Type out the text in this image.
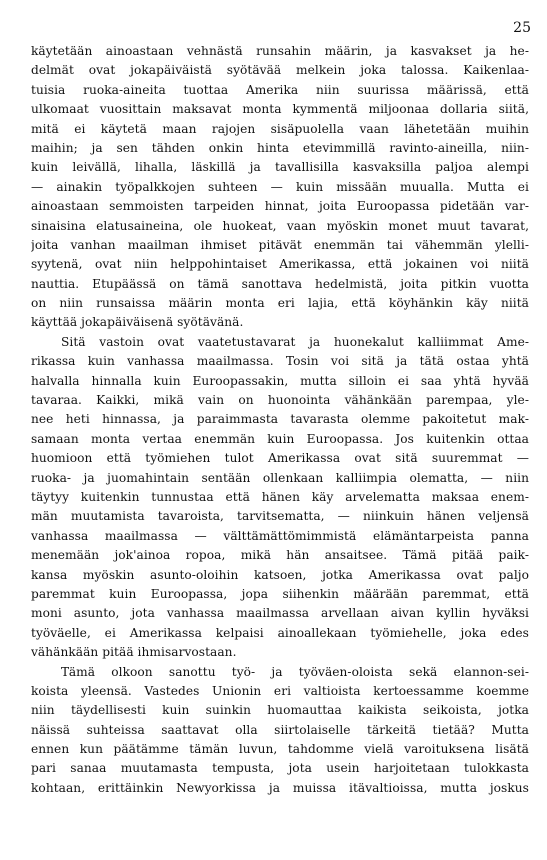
25

käytetään ainoastaan vehnästä runsahin määrin, ja kasvakset ja he-
delmät ovat jokapäiväistä syötävää melkein joka talossa. Kaikenlaa-
tuisia ruoka-aineita tuottaa Amerika niin suurissa määrissä, että
ulkomaat vuosittain maksavat monta kymmentä miljoonaa dollaria siitä,
mitä ei käytetä maan rajojen sisäpuolella vaan lähetetään muihin
maihin; ja sen tähden onkin hinta etevimmillä ravinto-aineilla, niin-
kuin leivällä, lihalla, läskillä ja tavallisilla kasvaksilla paljoa alempi
— ainakin työpalkkojen suhteen — kuin missään muualla. Mutta ei
ainoastaan semmoisten tarpeiden hinnat, joita Euroopassa pidetään var-
sinaisina elatusaineina, ole huokeat, vaan myöskin monet muut tavarat,
joita vanhan maailman ihmiset pitävät enemmän tai vähemmän ylelli-
syytenä, ovat niin helppohintaiset Amerikassa, että jokainen voi niitä
nauttia. Etupäässä on tämä sanottava hedelmistä, joita pitkin vuotta
on niin runsaissa määrin monta eri lajia, että köyhänkin käy niitä
käyttää jokapäiväisenä syötävänä.
Sitä vastoin ovat vaatetustavarat ja huonekalut kalliimmat Ame-
rikassa kuin vanhassa maailmassa. Tosin voi sitä ja tätä ostaa yhtä
halvalla hinnalla kuin Euroopassakin, mutta silloin ei saa yhtä hyvää
tavaraa. Kaikki, mikä vain on huonointa vähänkään parempaa, yle-
nee heti hinnassa, ja paraimmasta tavarasta olemme pakoitetut mak-
samaan monta vertaa enemmän kuin Euroopassa. Jos kuitenkin ottaa
huomioon että työmiehen tulot Amerikassa ovat sitä suuremmat —
ruoka- ja juomahintain sentään ollenkaan kalliimpia olematta, — niin
täytyy kuitenkin tunnustaa että hänen käy arvelematta maksaa enem-
män muutamista tavaroista, tarvitsematta, — niinkuin hänen veljensä
vanhassa maailmassa — välttämättömimmistä elämäntarpeista panna
menemään jok'ainoa ropoa, mikä hän ansaitsee. Tämä pitää paik-
kansa myöskin asunto-oloihin katsoen, jotka Amerikassa ovat paljo
paremmat kuin Euroopassa, jopa siihenkin määrään paremmat, että
moni asunto, jota vanhassa maailmassa arvellaan aivan kyllin hyväksi
työväelle, ei Amerikassa kelpaisi ainoallekaan työmiehelle, joka edes
vähänkään pitää ihmisarvostaan.
Tämä olkoon sanottu työ- ja työväen-oloista sekä elannon-sei-
koista yleensä. Vastedes Unionin eri valtioista kertoessamme koemme
niin täydellisesti kuin suinkin huomauttaa kaikista seikoista, jotka
näissä suhteissa saattavat olla siirtolaiselle tärkeitä tietää? Mutta
ennen kun päätämme tämän luvun, tahdomme vielä varoituksena lisätä
pari sanaa muutamasta tempusta, jota usein harjoitetaan tulokkasta
kohtaan, erittäinkin Newyorkissa ja muissa itävaltioissa, mutta joskus
